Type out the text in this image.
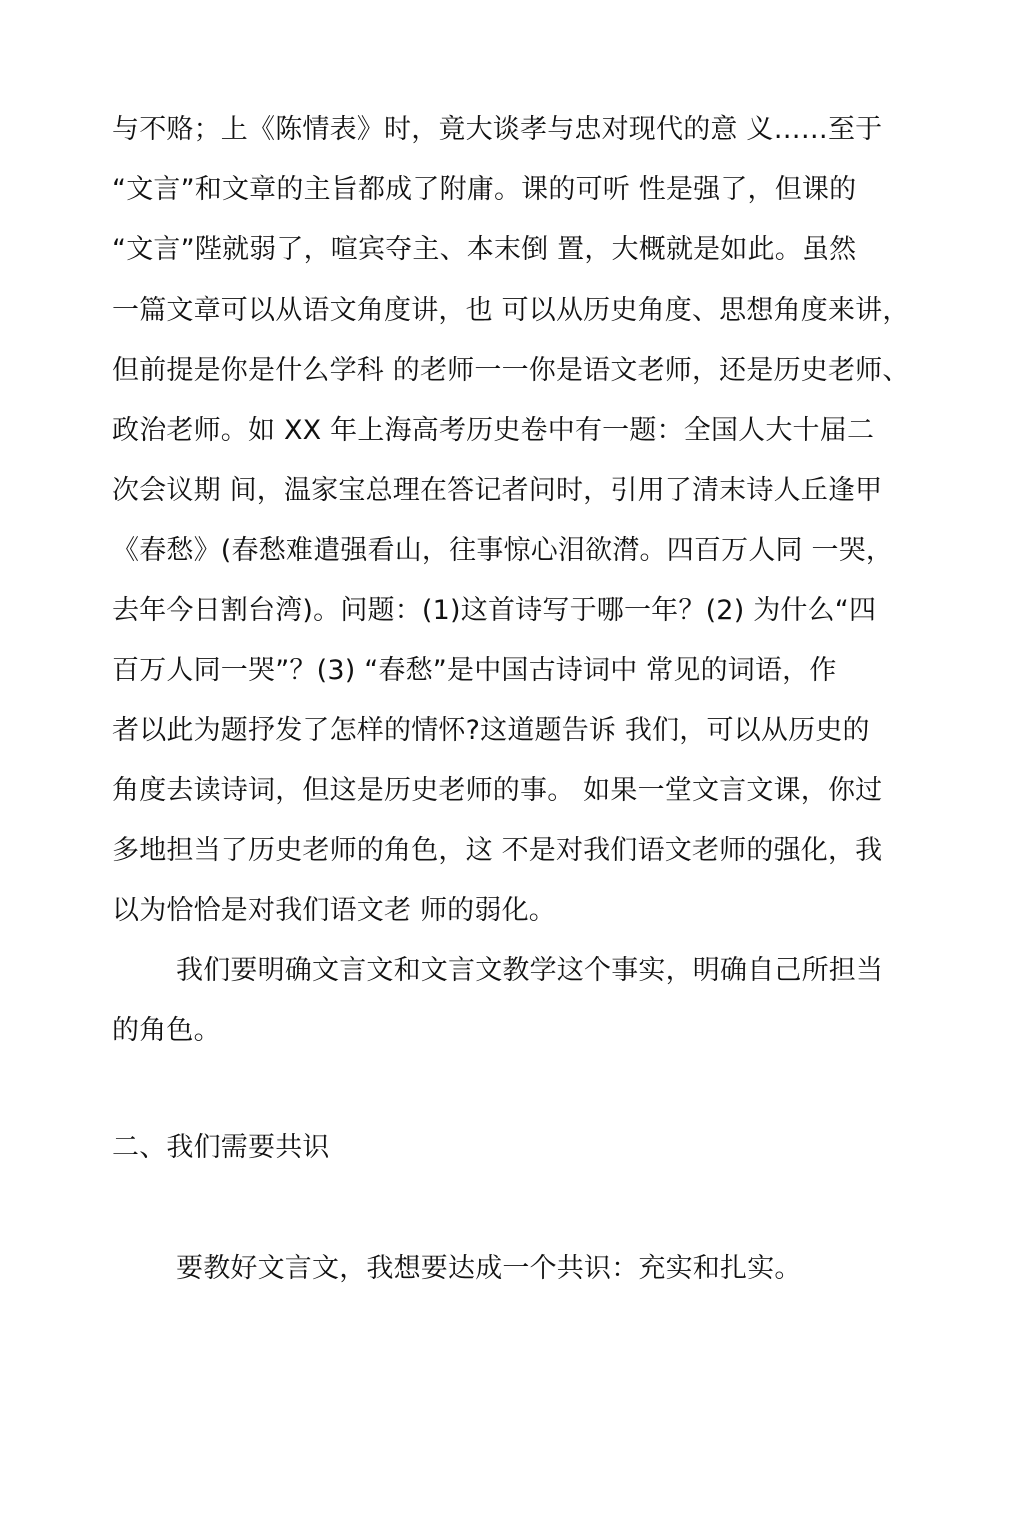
与不赂；上《陈情表》时，竟大谈孝与忠对现代的意 义……至于
“文言”和文章的主旨都成了附庸。课的可听 性是强了，但课的
“文言”陛就弱了，喧宾夺主、本末倒 置，大概就是如此。虽然
一篇文章可以从语文角度讲，也 可以从历史角度、思想角度来讲，
但前提是你是什么学科 的老师一一你是语文老师，还是历史老师、
政治老师。如 XX 年上海高考历史卷中有一题：全国人大十届二
次会议期 间，温家宝总理在答记者问时，引用了清末诗人丘逢甲
《春愁》(春愁难遣强看山，往事惊心泪欲潸。四百万人同 一哭，
去年今日割台湾)。问题：(1)这首诗写于哪一年？(2) 为什么“四
百万人同一哭”？(3) “春愁”是中国古诗词中 常见的词语，作
者以此为题抒发了怎样的情怀?这道题告诉 我们，可以从历史的
角度去读诗词，但这是历史老师的事。 如果一堂文言文课，你过
多地担当了历史老师的角色，这 不是对我们语文老师的强化，我
以为恰恰是对我们语文老 师的弱化。
我们要明确文言文和文言文教学这个事实，明确自己所担当
的角色。
二、我们需要共识
要教好文言文，我想要达成一个共识：充实和扎实。
